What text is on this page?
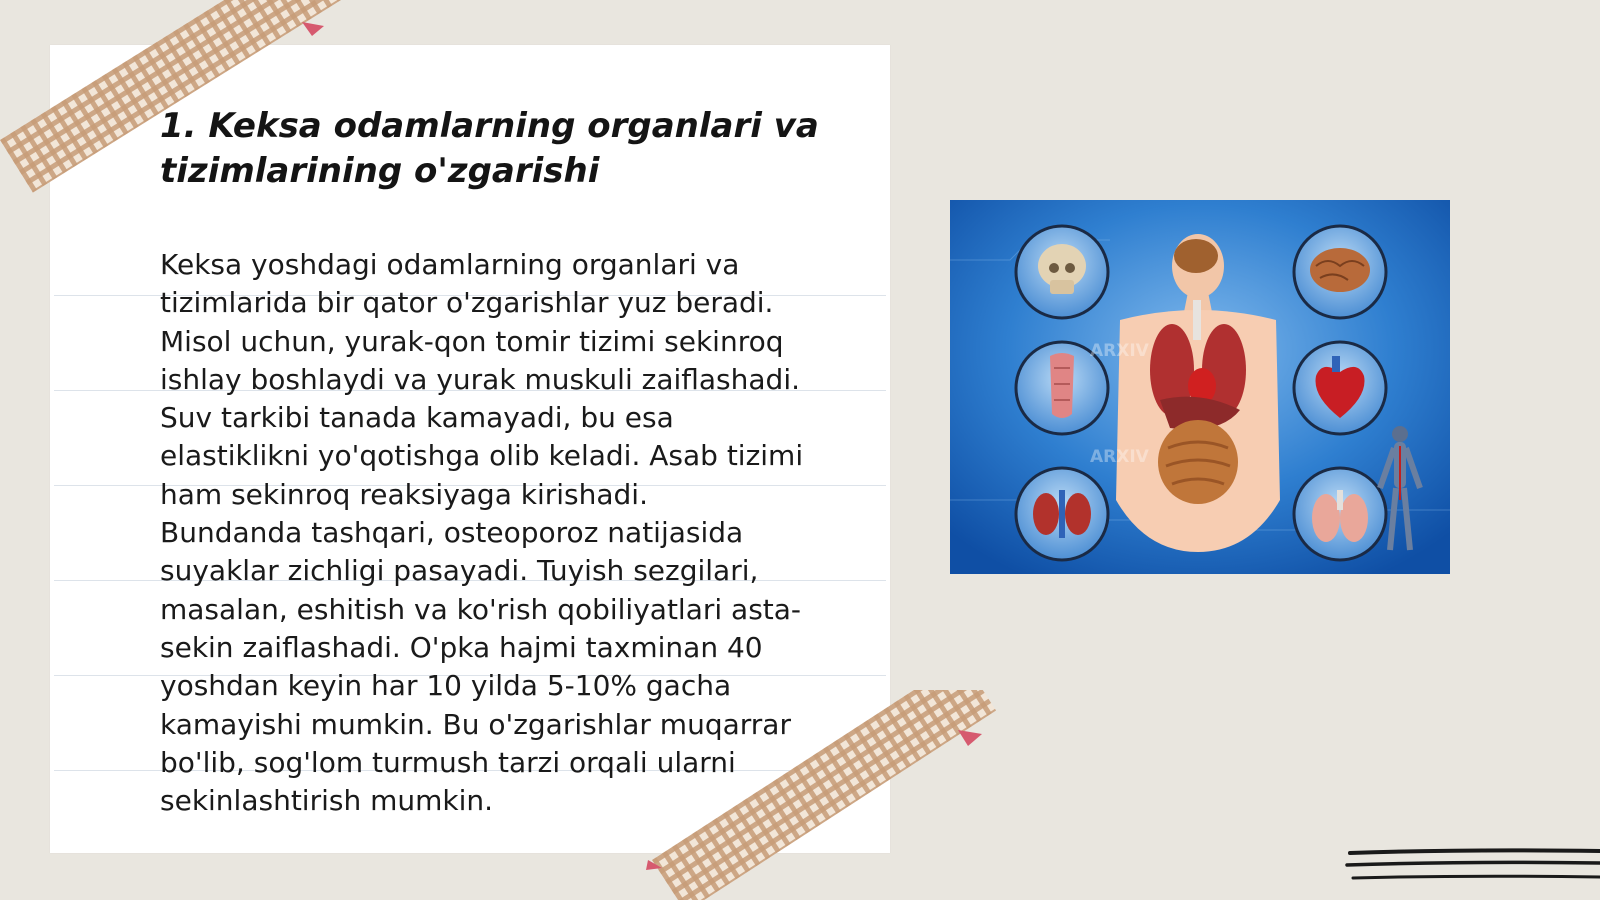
1. Keksa odamlarning organlari va
tizimlarining o'zgarishi

Keksa yoshdagi odamlarning organlari va
tizimlarida bir qator o'zgarishlar yuz beradi.
Misol uchun, yurak-qon tomir tizimi sekinroq
ishlay boshlaydi va yurak muskuli zaiflashadi.
Suv tarkibi tanada kamayadi, bu esa
elastiklikni yo'qotishga olib keladi. Asab tizimi
ham sekinroq reaksiyaga kirishadi.
Bundanda tashqari, osteoporoz natijasida
suyaklar zichligi pasayadi. Tuyish sezgilari,
masalan, eshitish va ko'rish qobiliyatlari asta-
sekin zaiflashadi. O'pka hajmi taxminan 40
yoshdan keyin har 10 yilda 5-10% gacha
kamayishi mumkin. Bu o'zgarishlar muqarrar
bo'lib, sog'lom turmush tarzi orqali ularni
sekinlashtirish mumkin.

ARXIV
ARXIV
